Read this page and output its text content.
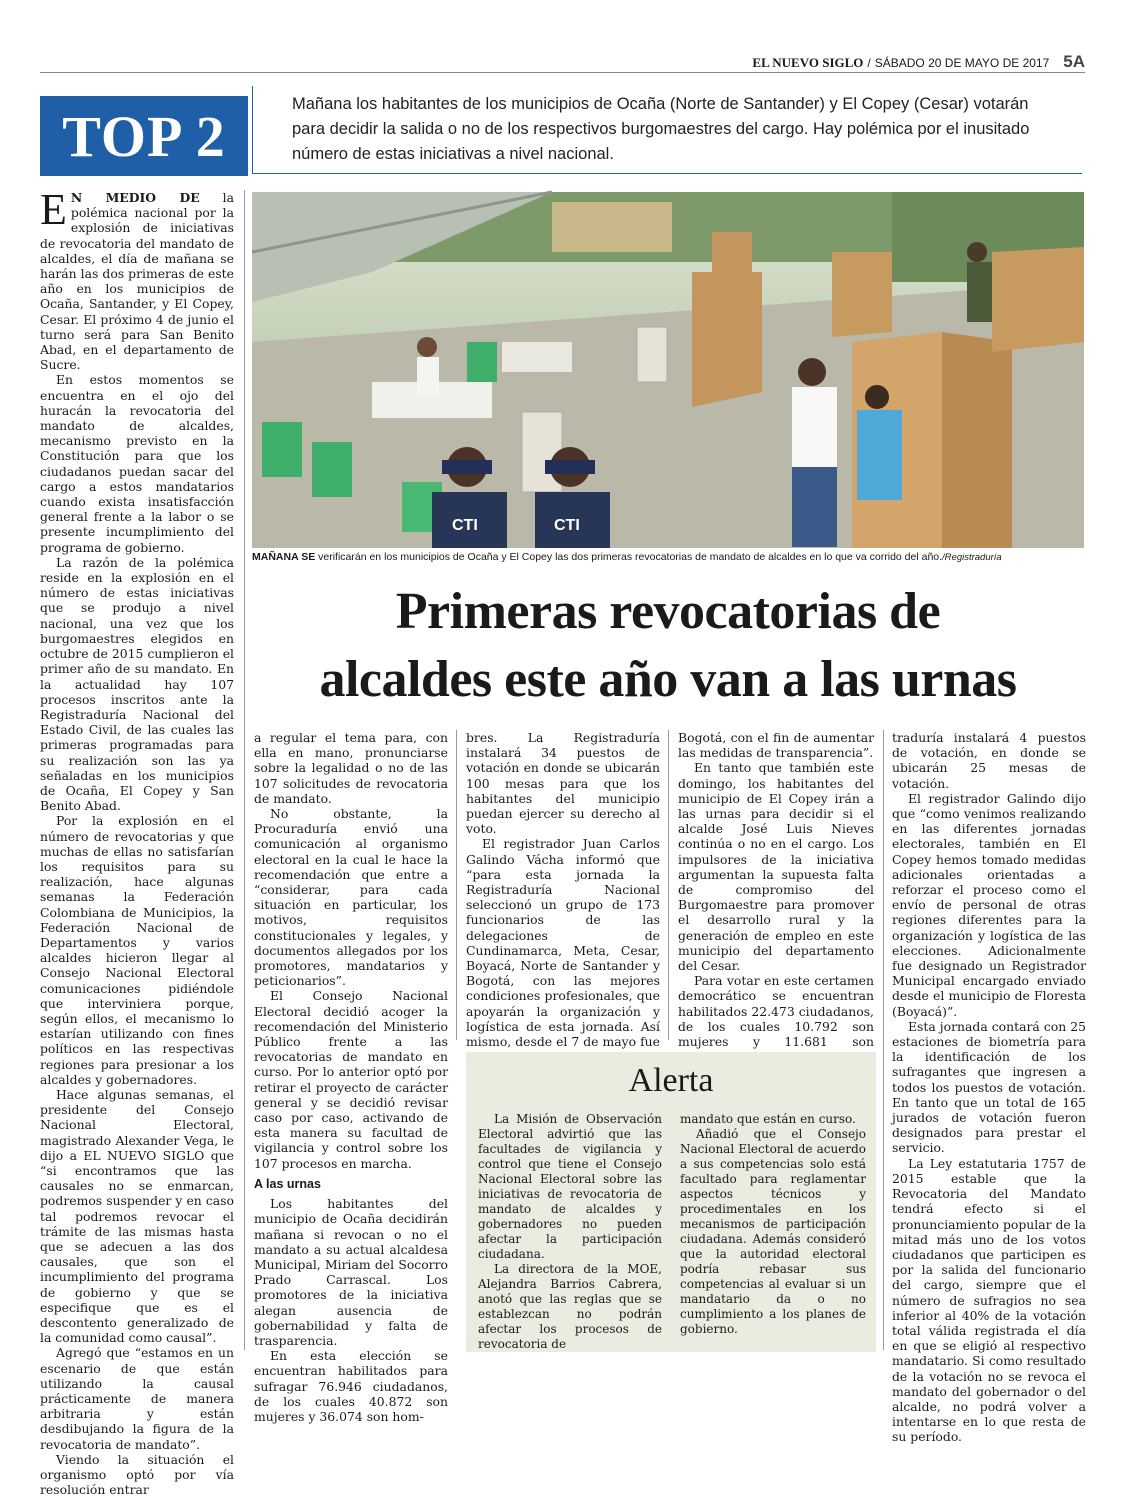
EL NUEVO SIGLO / SÁBADO 20 DE MAYO DE 2017 5A
TOP 2	Mañana los habitantes de los municipios de Ocaña (Norte de Santander) y El Copey (Cesar) votarán para decidir la salida o no de los respectivos burgomaestres del cargo. Hay polémica por el inusitado número de estas iniciativas a nivel nacional.

E N MEDIO DE la polémica nacional por la explosión de iniciativas de revocatoria del mandato de alcaldes, el día de mañana se harán las dos primeras de este año en los municipios de Ocaña, Santander, y El Copey, Cesar. El próximo 4 de junio el turno será para San Benito Abad, en el departamento de Sucre.

En estos momentos se encuentra en el ojo del huracán la revocatoria del mandato de alcaldes, mecanismo previsto en la Constitución para que los ciudadanos puedan sacar del cargo a estos mandatarios cuando exista insatisfacción general frente a la labor o se presente incumplimiento del programa de gobierno.

La razón de la polémica reside en la explosión en el número de estas iniciativas que se produjo a nivel nacional, una vez que los burgomaestres elegidos en octubre de 2015 cumplieron el primer año de su mandato. En la actualidad hay 107 procesos inscritos ante la Registraduría Nacional del Estado Civil, de las cuales las primeras programadas para su realización son las ya señaladas en los municipios de Ocaña, El Copey y San Benito Abad.

Por la explosión en el número de revocatorias y que muchas de ellas no satisfarían los requisitos para su realización, hace algunas semanas la Federación Colombiana de Municipios, la Federación Nacional de Departamentos y varios alcaldes hicieron llegar al Consejo Nacional Electoral comunicaciones pidiéndole que interviniera porque, según ellos, el mecanismo lo estarían utilizando con fines políticos en las respectivas regiones para presionar a los alcaldes y gobernadores.

Hace algunas semanas, el presidente del Consejo Nacional Electoral, magistrado Alexander Vega, le dijo a EL NUEVO SIGLO que “si encontramos que las causales no se enmarcan, podremos suspender y en caso tal podremos revocar el trámite de las mismas hasta que se adecuen a las dos causales, que son el incumplimiento del programa de gobierno y que se especifique que es el descontento generalizado de la comunidad como causal”.

Agregó que “estamos en un escenario de que están utilizando la causal prácticamente de manera arbitraria y están desdibujando la figura de la revocatoria de mandato”.

Viendo la situación el organismo optó por vía resolución entrar

CTI	CTI
MAÑANA SE verificarán en los municipios de Ocaña y El Copey las dos primeras revocatorias de mandato de alcaldes en lo que va corrido del año./Registraduría
Primeras revocatorias de
alcaldes este año van a las urnas

a regular el tema para, con ella en mano, pronunciarse sobre la legalidad o no de las 107 solicitudes de revocatoria de mandato.

No obstante, la Procuraduría envió una comunicación al organismo electoral en la cual le hace la recomendación que entre a “considerar, para cada situación en particular, los motivos, requisitos constitucionales y legales, y documentos allegados por los promotores, mandatarios y peticionarios”.

El Consejo Nacional Electoral decidió acoger la recomendación del Ministerio Público frente a las revocatorias de mandato en curso. Por lo anterior optó por retirar el proyecto de carácter general y se decidió revisar caso por caso, activando de esta manera su facultad de vigilancia y control sobre los 107 procesos en marcha.

A las urnas

Los habitantes del municipio de Ocaña decidirán mañana si revocan o no el mandato a su actual alcaldesa Municipal, Miriam del Socorro Prado Carrascal. Los promotores de la iniciativa alegan ausencia de gobernabilidad y falta de trasparencia.

En esta elección se encuentran habilitados para sufragar 76.946 ciudadanos, de los cuales 40.872 son mujeres y 36.074 son hom-

bres. La Registraduría instalará 34 puestos de votación en donde se ubicarán 100 mesas para que los habitantes del municipio puedan ejercer su derecho al voto.

El registrador Juan Carlos Galindo Vácha informó que “para esta jornada la Registraduría Nacional seleccionó un grupo de 173 funcionarios de las delegaciones de Cundinamarca, Meta, Cesar, Boyacá, Norte de Santander y Bogotá, con las mejores condiciones profesionales, que apoyarán la organización y logística de esta jornada. Así mismo, desde el 7 de mayo fue

Bogotá, con el fin de aumentar las medidas de transparencia”.

En tanto que también este domingo, los habitantes del municipio de El Copey irán a las urnas para decidir si el alcalde José Luis Nieves continúa o no en el cargo. Los impulsores de la iniciativa argumentan la supuesta falta de compromiso del Burgomaestre para promover el desarrollo rural y la generación de empleo en este municipio del departamento del Cesar.

Para votar en este certamen democrático se encuentran habilitados 22.473 ciudadanos, de los cuales 10.792 son mujeres y 11.681 son

traduría instalará 4 puestos de votación, en donde se ubicarán 25 mesas de votación.

El registrador Galindo dijo que “como venimos realizando en las diferentes jornadas electorales, también en El Copey hemos tomado medidas adicionales orientadas a reforzar el proceso como el envío de personal de otras regiones diferentes para la organización y logística de las elecciones. Adicionalmente fue designado un Registrador Municipal encargado enviado desde el municipio de Floresta (Boyacá)”.

Esta jornada contará con 25 estaciones de biometría para la identificación de los sufragantes que ingresen a todos los puestos de votación. En tanto que un total de 165 jurados de votación fueron designados para prestar el servicio.

La Ley estatutaria 1757 de 2015 estable que la Revocatoria del Mandato tendrá efecto si el pronunciamiento popular de la mitad más uno de los votos ciudadanos que participen es por la salida del funcionario del cargo, siempre que el número de sufragios no sea inferior al 40% de la votación total válida registrada el día en que se eligió al respectivo mandatario. Si como resultado de la votación no se revoca el mandato del gobernador o del alcalde, no podrá volver a intentarse en lo que resta de su período.

Alerta

La Misión de Observación Electoral advirtió que las facultades de vigilancia y control que tiene el Consejo Nacional Electoral sobre las iniciativas de revocatoria de mandato de alcaldes y gobernadores no pueden afectar la participación ciudadana.

La directora de la MOE, Alejandra Barrios Cabrera, anotó que las reglas que se establezcan no podrán afectar los procesos de revocatoria de

mandato que están en curso.

Añadió que el Consejo Nacional Electoral de acuerdo a sus competencias solo está facultado para reglamentar aspectos técnicos y procedimentales en los mecanismos de participación ciudadana. Además consideró que la autoridad electoral podría rebasar sus competencias al evaluar si un mandatario da o no cumplimiento a los planes de gobierno.
